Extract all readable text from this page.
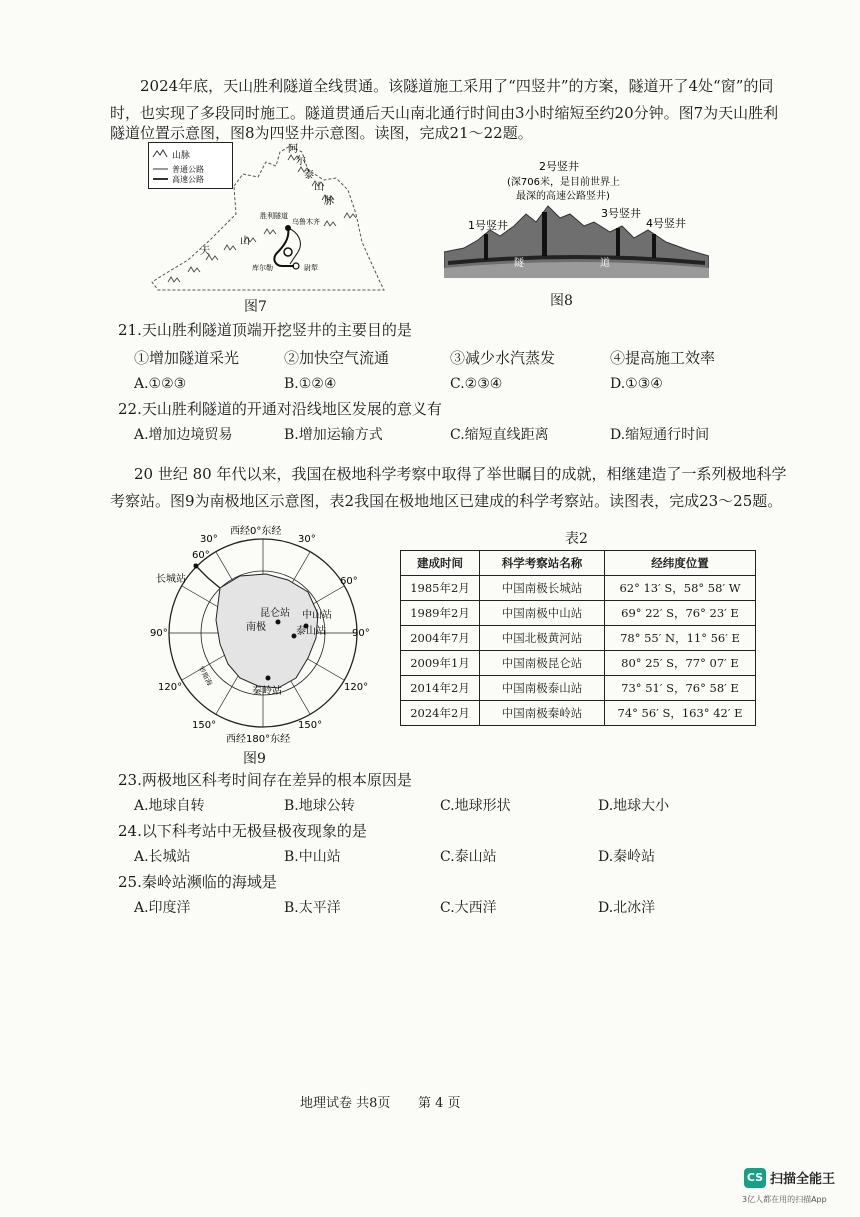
2024年底，天山胜利隧道全线贯通。该隧道施工采用了“四竖井”的方案，隧道开了4处“窗”的同
时，也实现了多段同时施工。隧道贯通后天山南北通行时间由3小时缩短至约20分钟。图7为天山胜利
隧道位置示意图，图8为四竖井示意图。读图，完成21～22题。
山脉
普通公路
高速公路
阿
尔
泰
山
脉
胜利隧道
乌鲁木齐
天
山
库尔勒	尉犁
图7
2号竖井
(深706米，是目前世界上
最深的高速公路竖井)
1号竖井
3号竖井
4号竖井
隧	道
图8
21.天山胜利隧道顶端开挖竖井的主要目的是
①增加隧道采光	②加快空气流通	③减少水汽蒸发	④提高施工效率
A.①②③	B.①②④	C.②③④	D.①③④
22.天山胜利隧道的开通对沿线地区发展的意义有
A.增加边境贸易	B.增加运输方式	C.缩短直线距离	D.缩短通行时间
20 世纪 80 年代以来，我国在极地科学考察中取得了举世瞩目的成就，相继建造了一系列极地科学
考察站。图9为南极地区示意图，表2我国在极地地区已建成的科学考察站。读图表，完成23～25题。
西经0°东经
西经180°东经
60°
60°
30°	30°
90°	90°
120°	120°
150°	150°
长城站
昆仑站 中山站
南极	泰山站
秦岭站
罗斯海
图9
表2
建成时间	科学考察站名称	经纬度位置
1985年2月	中国南极长城站	62° 13′ S，58° 58′ W
1989年2月	中国南极中山站	69° 22′ S，76° 23′ E
2004年7月	中国北极黄河站	78° 55′ N，11° 56′ E
2009年1月	中国南极昆仑站	80° 25′ S，77° 07′ E
2014年2月	中国南极泰山站	73° 51′ S，76° 58′ E
2024年2月	中国南极秦岭站	74° 56′ S，163° 42′ E
23.两极地区科考时间存在差异的根本原因是
A.地球自转	B.地球公转	C.地球形状	D.地球大小
24.以下科考站中无极昼极夜现象的是
A.长城站	B.中山站	C.泰山站	D.秦岭站
25.秦岭站濒临的海域是
A.印度洋	B.太平洋	C.大西洋	D.北冰洋
地理试卷 共8页 第 4 页
CS 扫描全能王
3亿人都在用的扫描App
